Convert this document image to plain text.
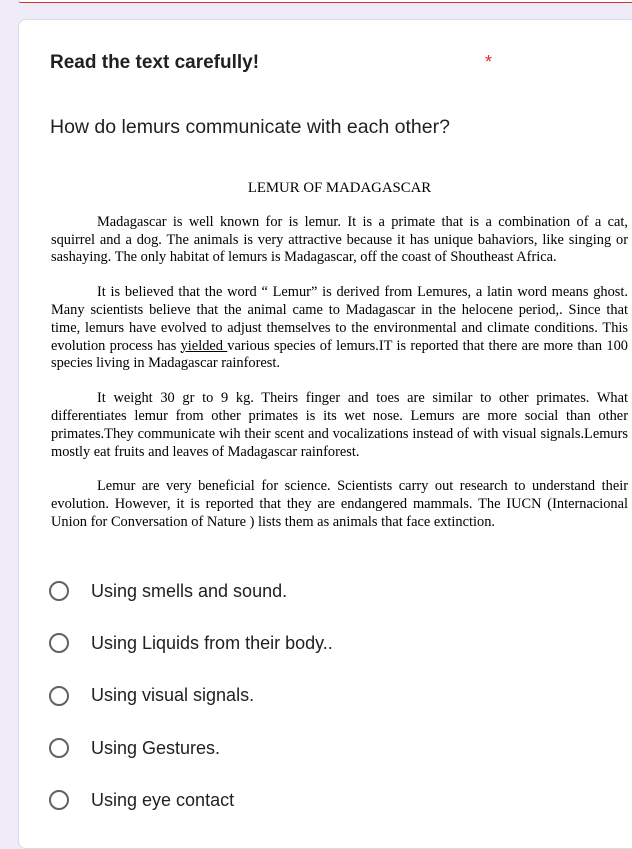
Read the text carefully!	*

How do lemurs communicate with each other?

LEMUR OF MADAGASCAR

Madagascar is well known for is lemur. It is a primate that is a combination of a cat, squirrel and a dog. The animals is very attractive because it has unique bahaviors, like singing or sashaying. The only habitat of lemurs is Madagascar, off the coast of Shoutheast Africa.

It is believed that the word “ Lemur” is derived from Lemures, a latin word means ghost. Many scientists believe that the animal came to Madagascar in the helocene period,. Since that time, lemurs have evolved to adjust themselves to the environmental and climate conditions. This evolution process has yielded various species of lemurs.IT is reported that there are more than 100 species living in Madagascar rainforest.

It weight 30 gr to 9 kg. Theirs finger and toes are similar to other primates. What differentiates lemur from other primates is its wet nose. Lemurs are more social than other primates.They communicate wih their scent and vocalizations instead of with visual signals.Lemurs mostly eat fruits and leaves of Madagascar rainforest.

Lemur are very beneficial for science. Scientists carry out research to understand their evolution. However, it is reported that they are endangered mammals. The IUCN (Internacional Union for Conversation of Nature ) lists them as animals that face extinction.

Using smells and sound.
Using Liquids from their body..
Using visual signals.
Using Gestures.
Using eye contact
